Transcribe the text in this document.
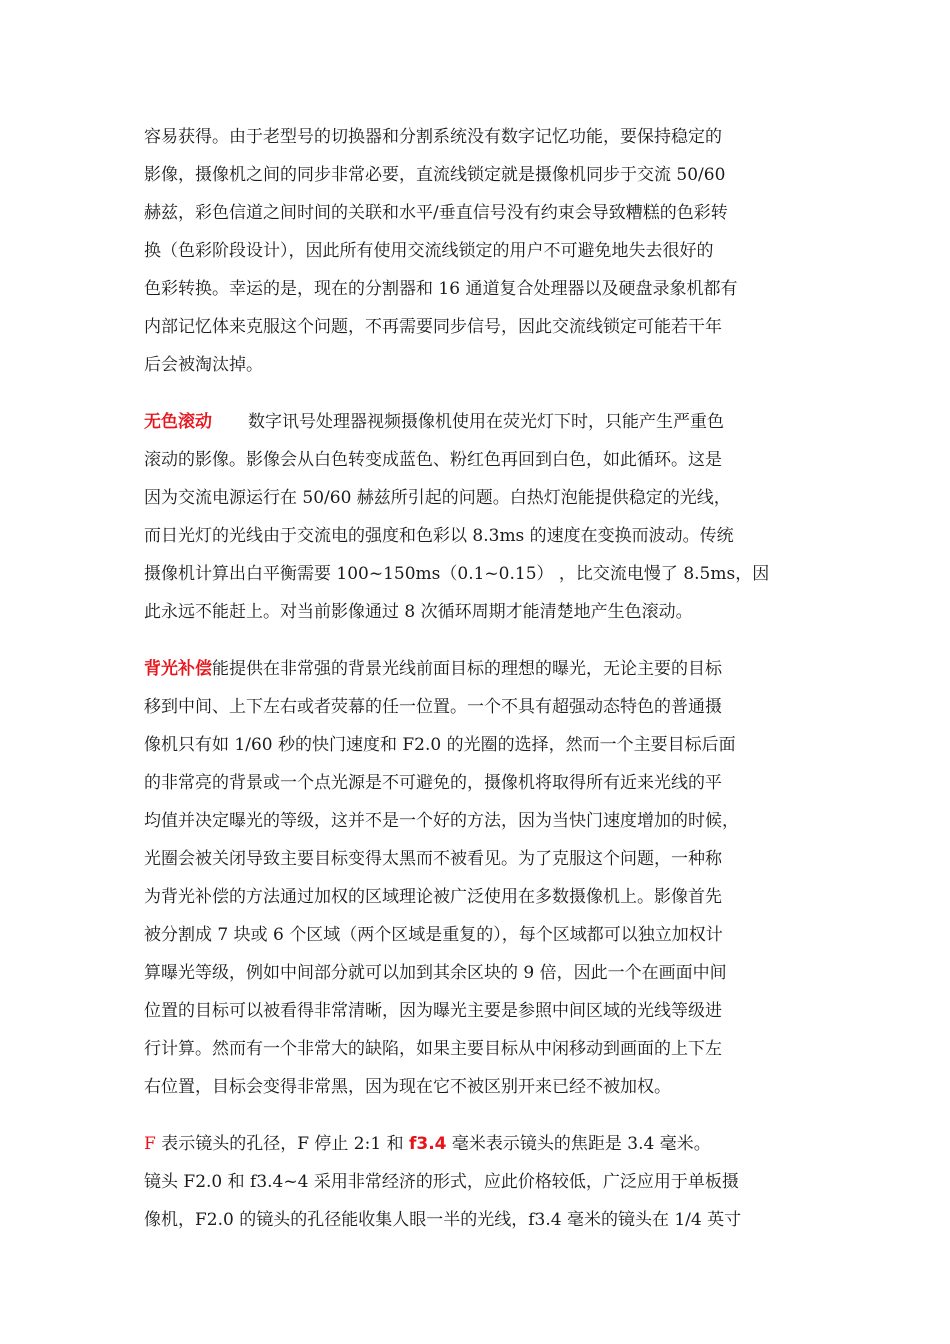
容易获得。由于老型号的切换器和分割系统没有数字记忆功能，要保持稳定的
影像，摄像机之间的同步非常必要，直流线锁定就是摄像机同步于交流 50/60
赫兹，彩色信道之间时间的关联和水平/垂直信号没有约束会导致糟糕的色彩转
换（色彩阶段设计），因此所有使用交流线锁定的用户不可避免地失去很好的
色彩转换。幸运的是，现在的分割器和 16 通道复合处理器以及硬盘录象机都有
内部记忆体来克服这个问题，不再需要同步信号，因此交流线锁定可能若干年
后会被淘汰掉。
无色滚动 数字讯号处理器视频摄像机使用在荧光灯下时，只能产生严重色
滚动的影像。影像会从白色转变成蓝色、粉红色再回到白色，如此循环。这是
因为交流电源运行在 50/60 赫兹所引起的问题。白热灯泡能提供稳定的光线，
而日光灯的光线由于交流电的强度和色彩以 8.3ms 的速度在变换而波动。传统
摄像机计算出白平衡需要 100~150ms（0.1~0.15） ，比交流电慢了 8.5ms，因
此永远不能赶上。对当前影像通过 8 次循环周期才能清楚地产生色滚动。
背光补偿能提供在非常强的背景光线前面目标的理想的曝光，无论主要的目标
移到中间、上下左右或者荧幕的任一位置。一个不具有超强动态特色的普通摄
像机只有如 1/60 秒的快门速度和 F2.0 的光圈的选择，然而一个主要目标后面
的非常亮的背景或一个点光源是不可避免的，摄像机将取得所有近来光线的平
均值并决定曝光的等级，这并不是一个好的方法，因为当快门速度增加的时候，
光圈会被关闭导致主要目标变得太黑而不被看见。为了克服这个问题，一种称
为背光补偿的方法通过加权的区域理论被广泛使用在多数摄像机上。影像首先
被分割成 7 块或 6 个区域（两个区域是重复的），每个区域都可以独立加权计
算曝光等级，例如中间部分就可以加到其余区块的 9 倍，因此一个在画面中间
位置的目标可以被看得非常清晰，因为曝光主要是参照中间区域的光线等级进
行计算。然而有一个非常大的缺陷，如果主要目标从中闲移动到画面的上下左
右位置，目标会变得非常黑，因为现在它不被区别开来已经不被加权。
F 表示镜头的孔径，F 停止 2:1 和 f3.4 毫米表示镜头的焦距是 3.4 毫米。
镜头 F2.0 和 f3.4~4 采用非常经济的形式，应此价格较低，广泛应用于单板摄
像机，F2.0 的镜头的孔径能收集人眼一半的光线，f3.4 毫米的镜头在 1/4 英寸
